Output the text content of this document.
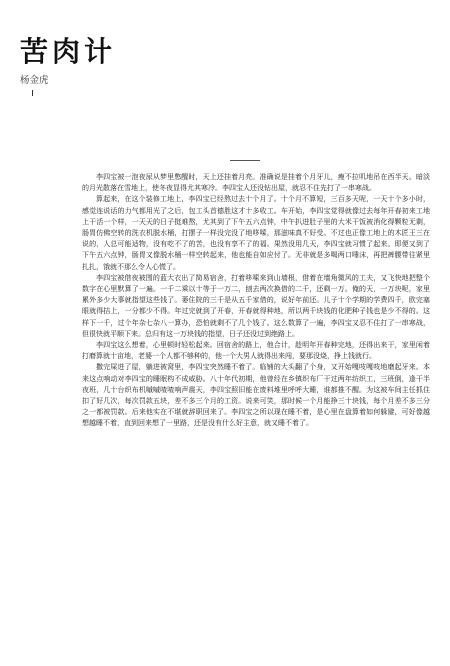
苦肉计
杨金虎

李四宝被一泡夜尿从梦里憋醒时，天上还挂着月亮。准确说是挂着个月牙儿，瘦不拉叽地吊在西半天。暗淡的月光散落在雪地上，使冬夜显得尤其寒冷。李四宝人还没钻出屋，就忍不住先打了一串寒战。

算起来，在这个装修工地上，李四宝已经熬过去十个月了。十个月不算短，三百多天呢，一天十个多小时，感觉连说话的力气都用光了之后，包工头首德胜这才十多收工。车开始，李四宝觉得就像过去每年开春初来工地上干活一个样，一天天的日子挺难熬，尤其到了下午五六点钟，中午扒进肚子里的大米干饭被消化得颗粒无剩，肠胃仿佛空转的洗衣机脱水桶，打摆子一样没完没了地哆嗦，那滋味真不好受。不过也正像工地上的木匠王三在说的，人总可能适物，没有吃不了的苦，也没有享不了的福。果然没用几天，李四宝就习惯了起来。即便又到了下午五六点钟，肠胃又像脱水桶一样空转起来，他也能自如应付了。无非就是多喝两口唾沫，再把裤腰带往紧里扎扎，饿就不那么令人心慌了。

李四宝被借夜被围的蓝大衣出了简易宿舍，打着哆嗦来到山墙根，借着在墙角微风的工夫，又飞快地把整个数字在心里默算了一遍。一千二乘以十等于一万二，刨去两次换借的二千，还剩一万。俺的天，一万块呢，家里累外多少大事就指望这些钱了。萎住院的三千是从五千家借的，说好年前还。儿子十个学期的学费四千，欧完塞眼就得拮上，一分都少不得。年过完就到了开春，开春就得种地，所以两千块钱的化肥种子钱也是少不得的。这样下一千，过个年杂七杂八一算办，恐怕就剩不了几个钱了。这么数算了一遍，李四宝又忍不住打了一串寒战，但很快就平顺下来。总归有这一万块钱的指望，日子还没过到绝路上。

李四宝这么想着，心里顿时轻松起来。回宿舍的路上，他合计，趁明年开春种完地，还得出来干，家里闲着打磨算就十亩地，老婆一个人都不够种的，他一个大男人就得出来闯，要那没烧，挣上钱就行。

撒完屎进了屋，躺进被窝里，李四宝突然睡不着了。临铺的大头翻了个身，又开始嘎吱嘎吱地磨起牙来。本来这点响动对李四宝的睡眠构不成威胁。八十年代初期，他曾经在乡镇织布厂干过两年纺织工，三班倒，逢干半夜班，几十台织布机嘁嘁喳喳响声震天，李四宝照旧能在废料堆里呼呼大睡，谁都推不醒。为这被车间主任抓住扣了好几次，每次罚款五块，差不多三个月的工资。说来可笑，那时候一个月能挣三十块钱，每个月差不多三分之一都被罚款。后来他实在不堪就辞职回来了。李四宝之所以现在睡不着，是心里在盘算着如何躲避，可好像越想越睡不着，直到回来想了一里路，还是没有什么好主意，就又睡不着了。
